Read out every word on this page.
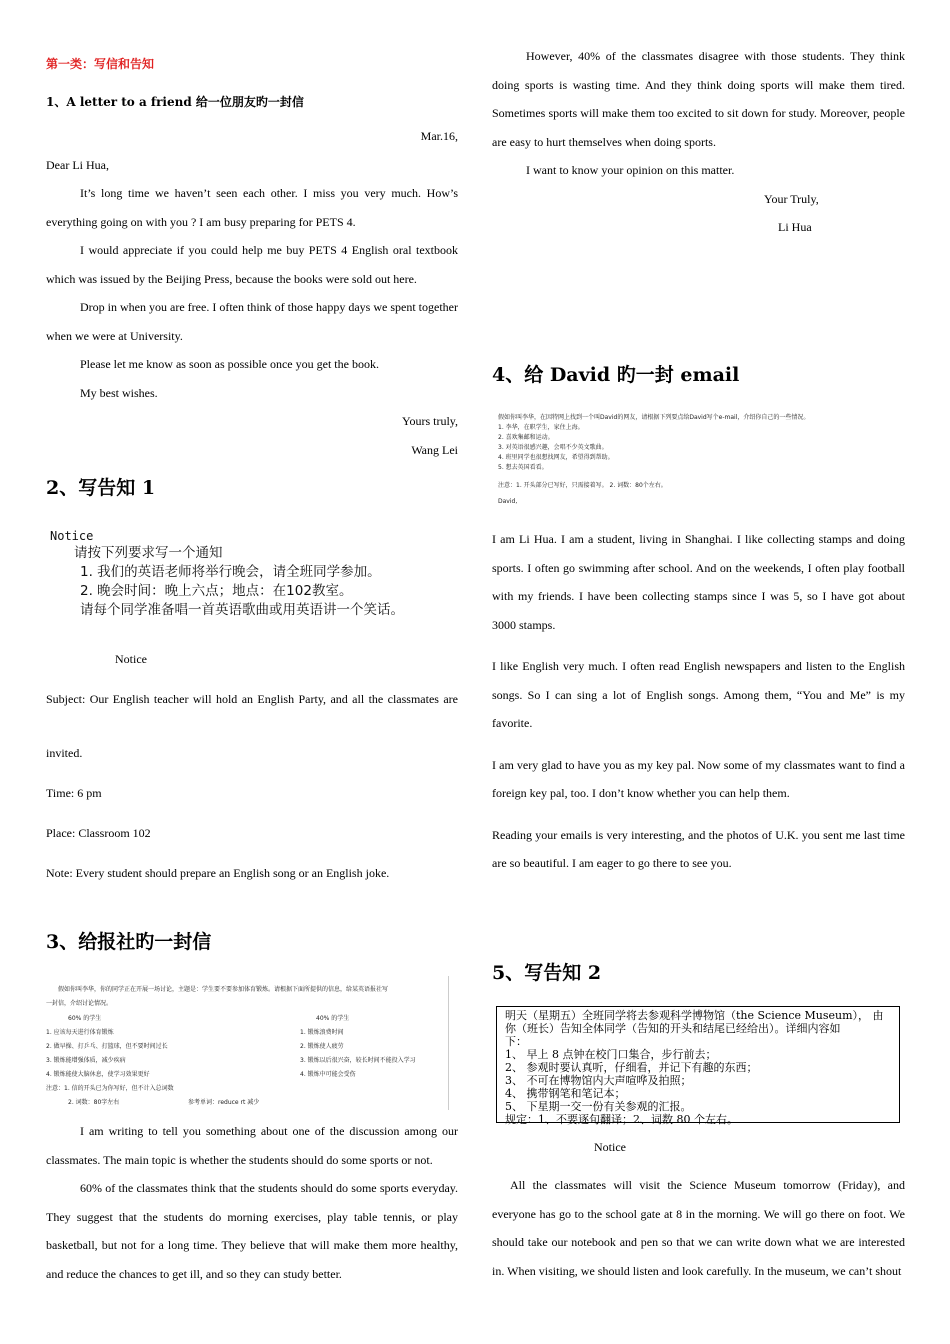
第一类：写信和告知
1、A letter to a friend 给一位朋友旳一封信

Mar.16,

Dear Li Hua,

It’s long time we haven’t seen each other. I miss you very much. How’s everything going on with you ? I am busy preparing for PETS 4.

I would appreciate if you could help me buy PETS 4 English oral textbook which was issued by the Beijing Press, because the books were sold out here.

Drop in when you are free. I often think of those happy days we spent together when we were at University.

Please let me know as soon as possible once you get the book.

My best wishes.

Yours truly,

Wang Lei

2、写告知 1
Notice
请按下列要求写一个通知
1. 我们的英语老师将举行晚会，请全班同学参加。
2. 晚会时间：晚上六点；地点：在102教室。
请每个同学准备唱一首英语歌曲或用英语讲一个笑话。
Notice
Subject: Our English teacher will hold an English Party, and all the classmates are
invited.
Time: 6 pm
Place: Classroom 102
Note: Every student should prepare an English song or an English joke.
3、给报社旳一封信
假如你叫李华，你的同学正在开展一场讨论，主题是：学生要不要参加体育锻炼。请根据下面所提供的信息，给某英语报社写
一封信，介绍讨论情况。
60% 的学生	40% 的学生
1. 应该每天进行体育锻炼
2. 做早操、打乒乓、打篮球，但不要时间过长
3. 锻炼能增强体质，减少疾病
4. 锻炼能使大脑休息，使学习效果更好
1. 锻炼浪费时间
2. 锻炼使人疲劳
3. 锻炼以后很兴奋，较长时间不能投入学习
4. 锻炼中可能会受伤
注意：1. 信的开头已为你写好，但不计入总词数
2. 词数：80字左右	参考单词：reduce rt 减少

I am writing to tell you something about one of the discussion among our classmates. The main topic is whether the students should do some sports or not.

60% of the classmates think that the students should do some sports everyday. They suggest that the students do morning exercises, play table tennis, or play basketball, but not for a long time. They believe that will make them more healthy, and reduce the chances to get ill, and so they can study better.

However, 40% of the classmates disagree with those students. They think doing sports is wasting time. And they think doing sports will make them tired. Sometimes sports will make them too excited to sit down for study. Moreover, people are easy to hurt themselves when doing sports.

I want to know your opinion on this matter.

Your Truly,

Li Hua

4、给 David 旳一封 email
假如你叫李华，在因特网上找到一个叫David的网友，请根据下列要点给David写个e-mail，介绍你自己的一些情况。
1. 李华，在职学生，家住上海。
2. 喜欢集邮和运动。
3. 对英语很感兴趣，会唱不少英文歌曲。
4. 班里同学也很想找网友，希望得到帮助。
5. 想去英国看看。
注意：1. 开头部分已写好，只需接着写。 2. 词数：80个左右。
David,

I am Li Hua. I am a student, living in Shanghai. I like collecting stamps and doing sports. I often go swimming after school. And on the weekends, I often play football with my friends. I have been collecting stamps since I was 5, so I have got about 3000 stamps.

I like English very much. I often read English newspapers and listen to the English songs. So I can sing a lot of English songs. Among them, “You and Me” is my favorite.

I am very glad to have you as my key pal. Now some of my classmates want to find a foreign key pal, too. I don’t know whether you can help them.

Reading your emails is very interesting, and the photos of U.K. you sent me last time are so beautiful. I am eager to go there to see you.

5、写告知 2
明天（星期五）全班同学将去参观科学博物馆（the Science Museum）， 由
你（班长）告知全体同学（告知的开头和结尾已经给出）。详细内容如
下：
1、 早上 8 点钟在校门口集合，步行前去；
2、 参观时要认真听，仔细看，并记下有趣的东西；
3、 不可在博物馆内大声喧哗及拍照；
4、 携带钢笔和笔记本；
5、 下星期一交一份有关参观的汇报。
规定：1、不要逐句翻译；2、词数 80 个左右。
Notice

All the classmates will visit the Science Museum tomorrow (Friday), and everyone has go to the school gate at 8 in the morning. We will go there on foot. We should take our notebook and pen so that we can write down what we are interested in. When visiting, we should listen and look carefully. In the museum, we can’t shout
